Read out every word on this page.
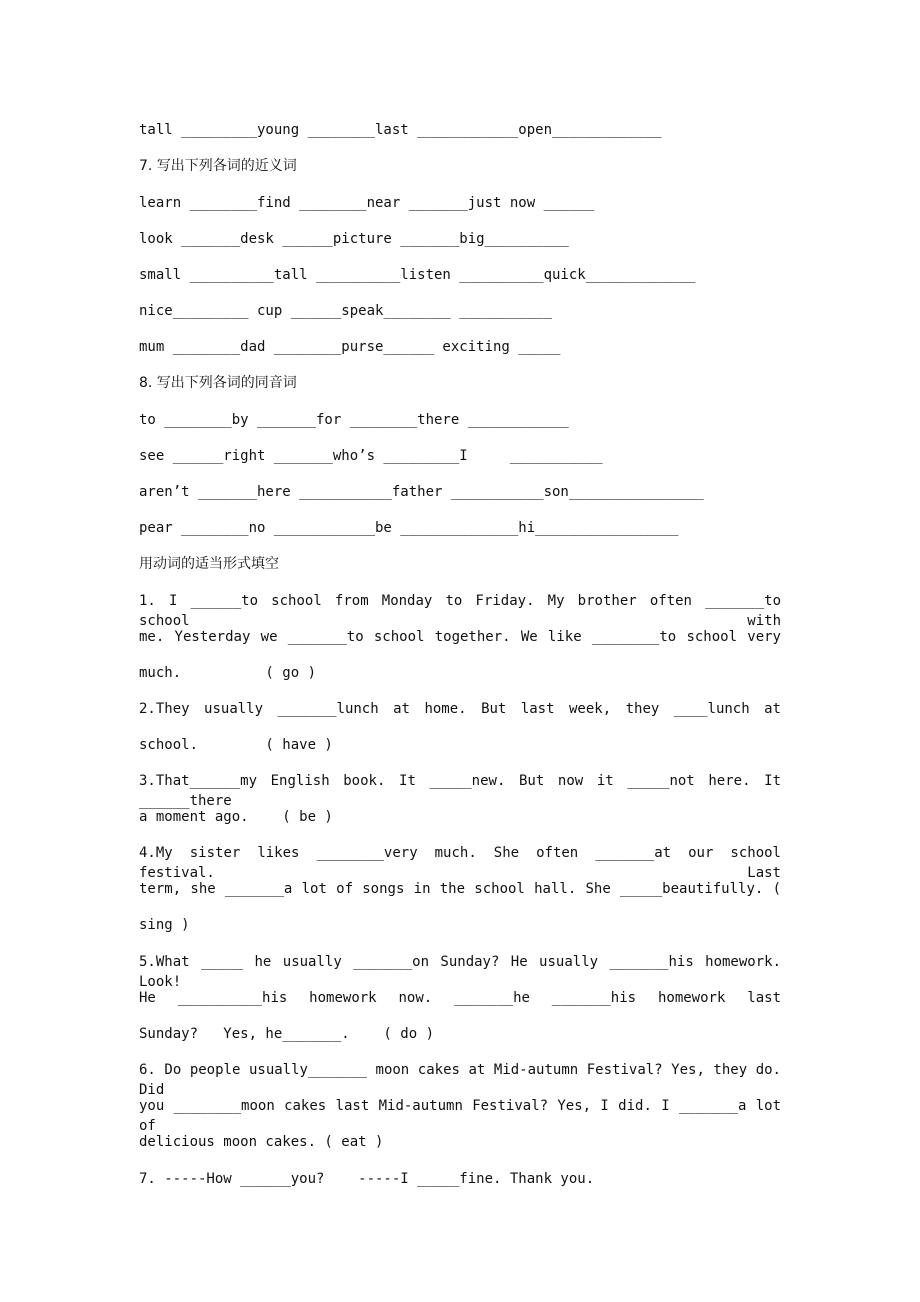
tall _________young ________last ____________open_____________
7. 写出下列各词的近义词
learn ________find ________near _______just now ______
look _______desk ______picture _______big__________
small __________tall __________listen __________quick_____________
nice_________ cup ______speak________ ___________
mum ________dad ________purse______ exciting _____
8. 写出下列各词的同音词
to ________by _______for ________there ____________
see ______right _______who’s _________I     ___________
aren’t _______here ___________father ___________son________________
pear ________no ____________be ______________hi_________________
用动词的适当形式填空
1. I ______to school from Monday to Friday. My brother often _______to school with
me. Yesterday we _______to school together. We like ________to school very
much.          ( go )
2.They usually _______lunch at home. But last week, they ____lunch at
school.        ( have )
3.That______my English book. It _____new. But now it _____not here. It ______there
a moment ago.    ( be )
4.My sister likes ________very much. She often _______at our school festival. Last
term, she _______a lot of songs in the school hall. She _____beautifully. (
sing )
5.What _____ he usually _______on Sunday? He usually _______his homework. Look!
He __________his homework now. _______he _______his homework last
Sunday?   Yes, he_______.    ( do )
6. Do people usually_______ moon cakes at Mid-autumn Festival? Yes, they do. Did
you ________moon cakes last Mid-autumn Festival? Yes, I did. I _______a lot of
delicious moon cakes. ( eat )
7. -----How ______you?    -----I _____fine. Thank you.
